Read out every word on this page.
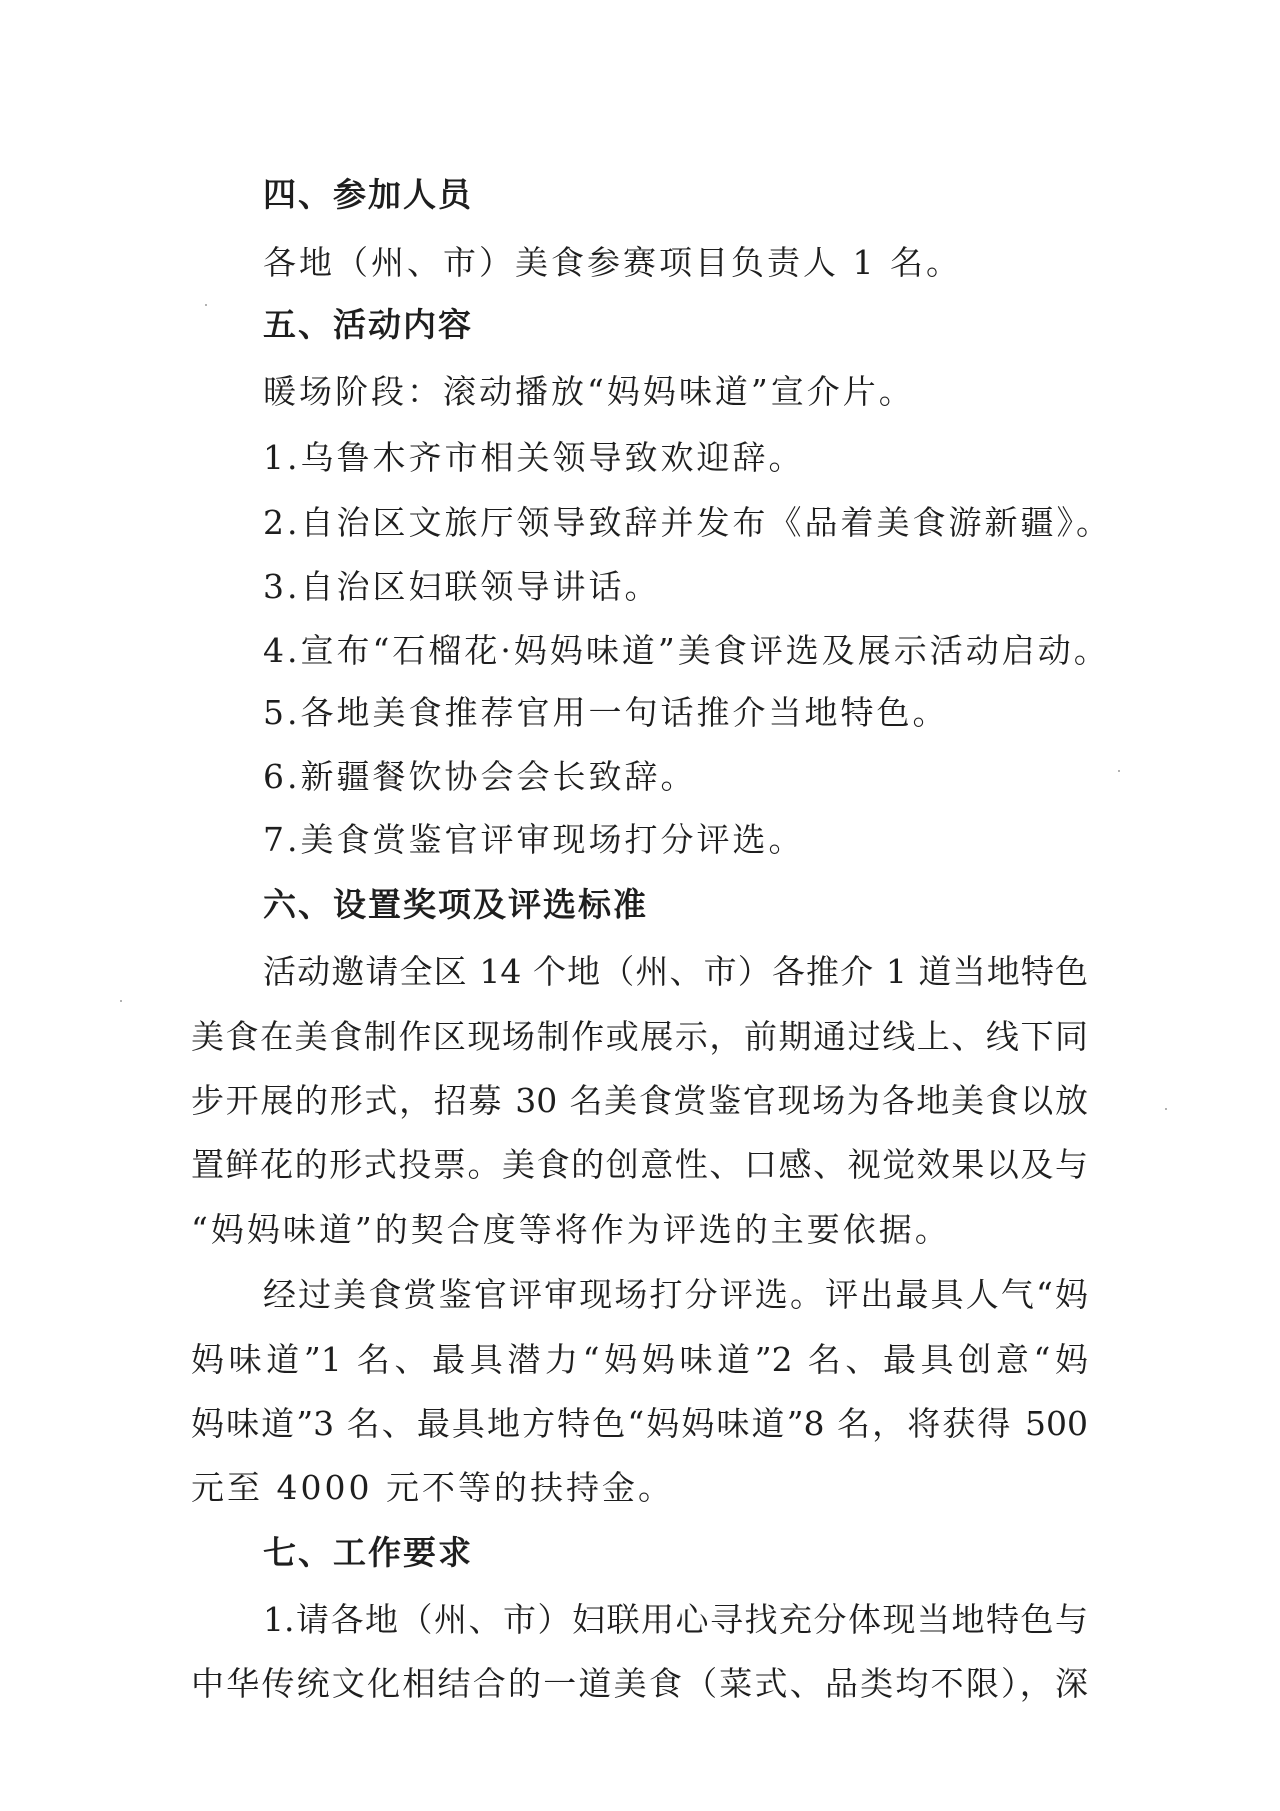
四、参加人员
各地（州、市）美食参赛项目负责人 1 名。
五、活动内容
暖场阶段：滚动播放“妈妈味道”宣介片。
1.乌鲁木齐市相关领导致欢迎辞。
2.自治区文旅厅领导致辞并发布《品着美食游新疆》。
3.自治区妇联领导讲话。
4.宣布“石榴花·妈妈味道”美食评选及展示活动启动。
5.各地美食推荐官用一句话推介当地特色。
6.新疆餐饮协会会长致辞。
7.美食赏鉴官评审现场打分评选。
六、设置奖项及评选标准
活动邀请全区 14 个地（州、市）各推介 1 道当地特色
美食在美食制作区现场制作或展示，前期通过线上、线下同
步开展的形式，招募 30 名美食赏鉴官现场为各地美食以放
置鲜花的形式投票。美食的创意性、口感、视觉效果以及与
“妈妈味道”的契合度等将作为评选的主要依据。
经过美食赏鉴官评审现场打分评选。评出最具人气“妈
妈味道”1 名、最具潜力“妈妈味道”2 名、最具创意“妈
妈味道”3 名、最具地方特色“妈妈味道”8 名，将获得 500
元至 4000 元不等的扶持金。
七、工作要求
1.请各地（州、市）妇联用心寻找充分体现当地特色与
中华传统文化相结合的一道美食（菜式、品类均不限），深
